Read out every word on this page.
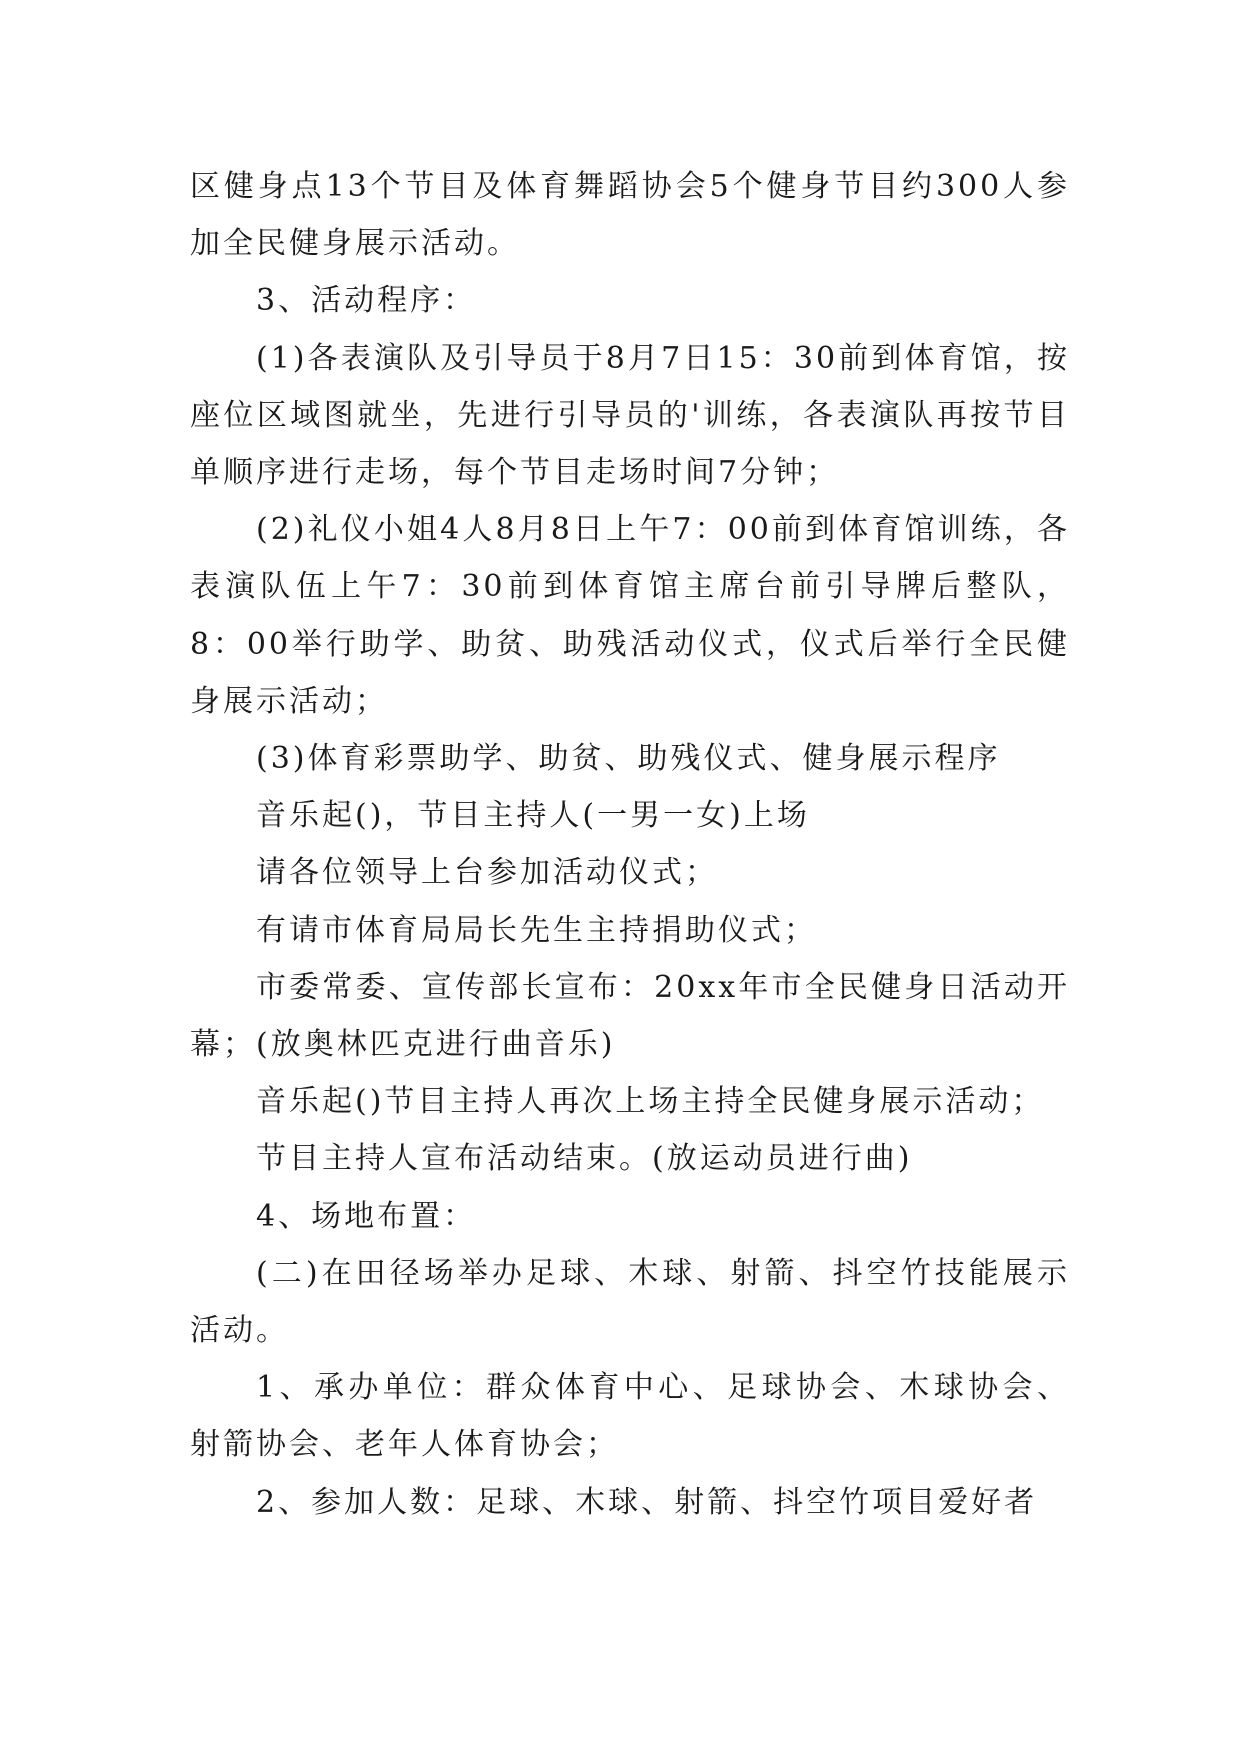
区健身点13个节目及体育舞蹈协会5个健身节目约300人参加全民健身展示活动。

3、活动程序：

(1)各表演队及引导员于8月7日15：30前到体育馆，按座位区域图就坐，先进行引导员的'训练，各表演队再按节目单顺序进行走场，每个节目走场时间7分钟；

(2)礼仪小姐4人8月8日上午7：00前到体育馆训练，各表演队伍上午7：30前到体育馆主席台前引导牌后整队，8：00举行助学、助贫、助残活动仪式，仪式后举行全民健身展示活动；

(3)体育彩票助学、助贫、助残仪式、健身展示程序

音乐起()，节目主持人(一男一女)上场

请各位领导上台参加活动仪式；

有请市体育局局长先生主持捐助仪式；

市委常委、宣传部长宣布：20xx年市全民健身日活动开幕；(放奥林匹克进行曲音乐)

音乐起()节目主持人再次上场主持全民健身展示活动；

节目主持人宣布活动结束。(放运动员进行曲)

4、场地布置：

(二)在田径场举办足球、木球、射箭、抖空竹技能展示活动。

1、承办单位：群众体育中心、足球协会、木球协会、射箭协会、老年人体育协会；

2、参加人数：足球、木球、射箭、抖空竹项目爱好者
